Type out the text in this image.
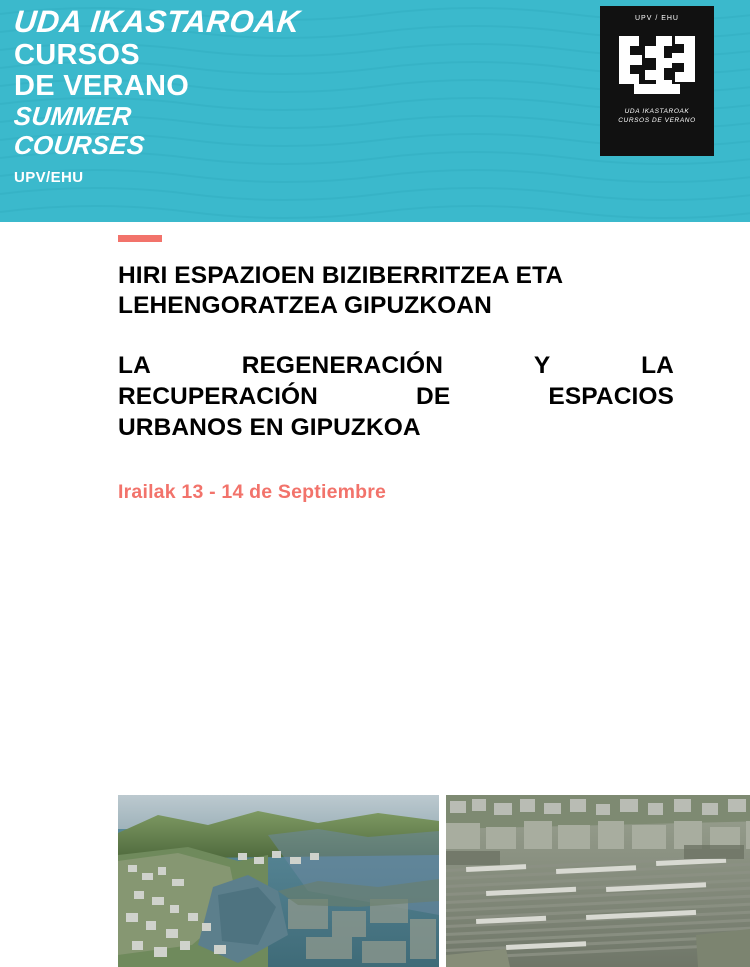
UDA IKASTAROAK
CURSOS
DE VERANO
SUMMER
COURSES
UPV/EHU
UPV / EHU
UDA IKASTAROAK
CURSOS DE VERANO
HIRI ESPAZIOEN BIZIBERRITZEA ETA
LEHENGORATZEA GIPUZKOAN
LA	REGENERACIÓN	Y	LA
RECUPERACIÓN	DE	ESPACIOS
URBANOS EN GIPUZKOA
Irailak 13 - 14 de Septiembre
